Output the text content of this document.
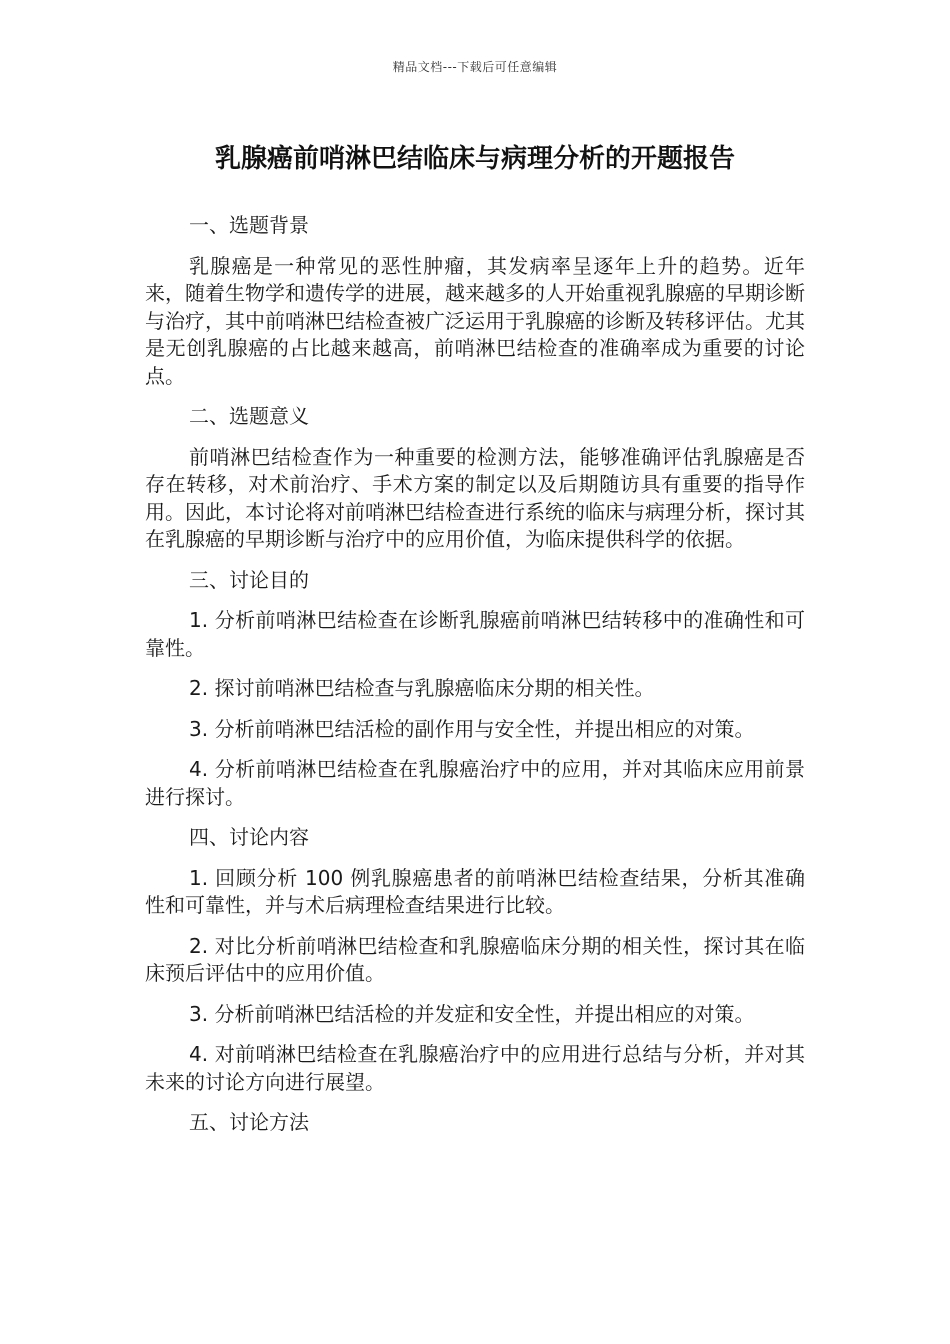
精品文档---下载后可任意编辑
乳腺癌前哨淋巴结临床与病理分析的开题报告

一、选题背景

乳腺癌是一种常见的恶性肿瘤，其发病率呈逐年上升的趋势。近年来，随着生物学和遗传学的进展，越来越多的人开始重视乳腺癌的早期诊断与治疗，其中前哨淋巴结检查被广泛运用于乳腺癌的诊断及转移评估。尤其是无创乳腺癌的占比越来越高，前哨淋巴结检查的准确率成为重要的讨论点。

二、选题意义

前哨淋巴结检查作为一种重要的检测方法，能够准确评估乳腺癌是否存在转移，对术前治疗、手术方案的制定以及后期随访具有重要的指导作用。因此，本讨论将对前哨淋巴结检查进行系统的临床与病理分析，探讨其在乳腺癌的早期诊断与治疗中的应用价值，为临床提供科学的依据。

三、讨论目的

1. 分析前哨淋巴结检查在诊断乳腺癌前哨淋巴结转移中的准确性和可靠性。

2. 探讨前哨淋巴结检查与乳腺癌临床分期的相关性。

3. 分析前哨淋巴结活检的副作用与安全性，并提出相应的对策。

4. 分析前哨淋巴结检查在乳腺癌治疗中的应用，并对其临床应用前景进行探讨。

四、讨论内容

1. 回顾分析 100 例乳腺癌患者的前哨淋巴结检查结果，分析其准确性和可靠性，并与术后病理检查结果进行比较。

2. 对比分析前哨淋巴结检查和乳腺癌临床分期的相关性，探讨其在临床预后评估中的应用价值。

3. 分析前哨淋巴结活检的并发症和安全性，并提出相应的对策。

4. 对前哨淋巴结检查在乳腺癌治疗中的应用进行总结与分析，并对其未来的讨论方向进行展望。

五、讨论方法
